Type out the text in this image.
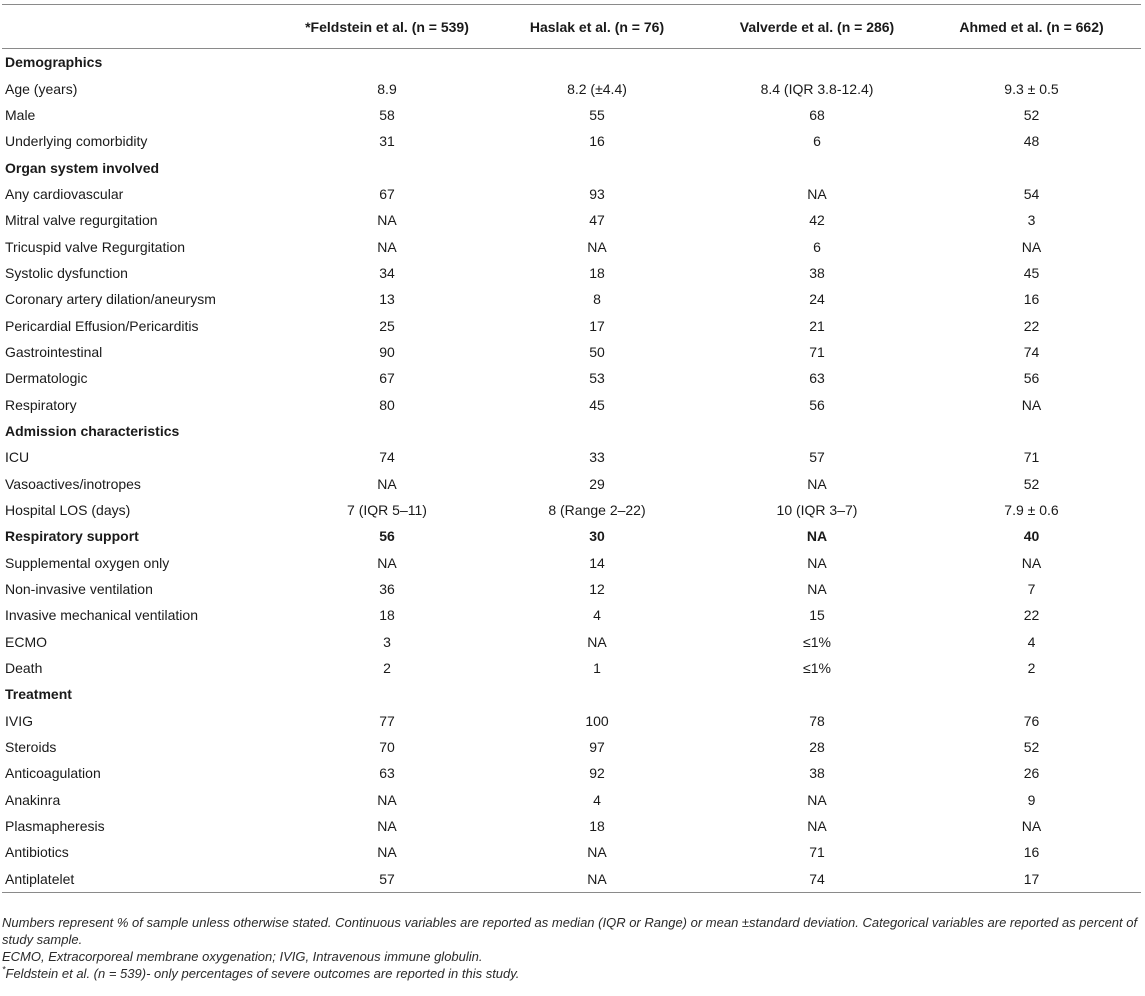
	*Feldstein et al. (n = 539)	Haslak et al. (n = 76)	Valverde et al. (n = 286)	Ahmed et al. (n = 662)
Demographics				
Age (years)	8.9	8.2 (±4.4)	8.4 (IQR 3.8-12.4)	9.3 ± 0.5
Male	58	55	68	52
Underlying comorbidity	31	16	6	48
Organ system involved				
Any cardiovascular	67	93	NA	54
Mitral valve regurgitation	NA	47	42	3
Tricuspid valve Regurgitation	NA	NA	6	NA
Systolic dysfunction	34	18	38	45
Coronary artery dilation/aneurysm	13	8	24	16
Pericardial Effusion/Pericarditis	25	17	21	22
Gastrointestinal	90	50	71	74
Dermatologic	67	53	63	56
Respiratory	80	45	56	NA
Admission characteristics				
ICU	74	33	57	71
Vasoactives/inotropes	NA	29	NA	52
Hospital LOS (days)	7 (IQR 5–11)	8 (Range 2–22)	10 (IQR 3–7)	7.9 ± 0.6
Respiratory support	56	30	NA	40
Supplemental oxygen only	NA	14	NA	NA
Non-invasive ventilation	36	12	NA	7
Invasive mechanical ventilation	18	4	15	22
ECMO	3	NA	≤1%	4
Death	2	1	≤1%	2
Treatment				
IVIG	77	100	78	76
Steroids	70	97	28	52
Anticoagulation	63	92	38	26
Anakinra	NA	4	NA	9
Plasmapheresis	NA	18	NA	NA
Antibiotics	NA	NA	71	16
Antiplatelet	57	NA	74	17

Numbers represent % of sample unless otherwise stated. Continuous variables are reported as median (IQR or Range) or mean ±standard deviation. Categorical variables are reported as percent of study sample.

ECMO, Extracorporeal membrane oxygenation; IVIG, Intravenous immune globulin.

*Feldstein et al. (n = 539)- only percentages of severe outcomes are reported in this study.
